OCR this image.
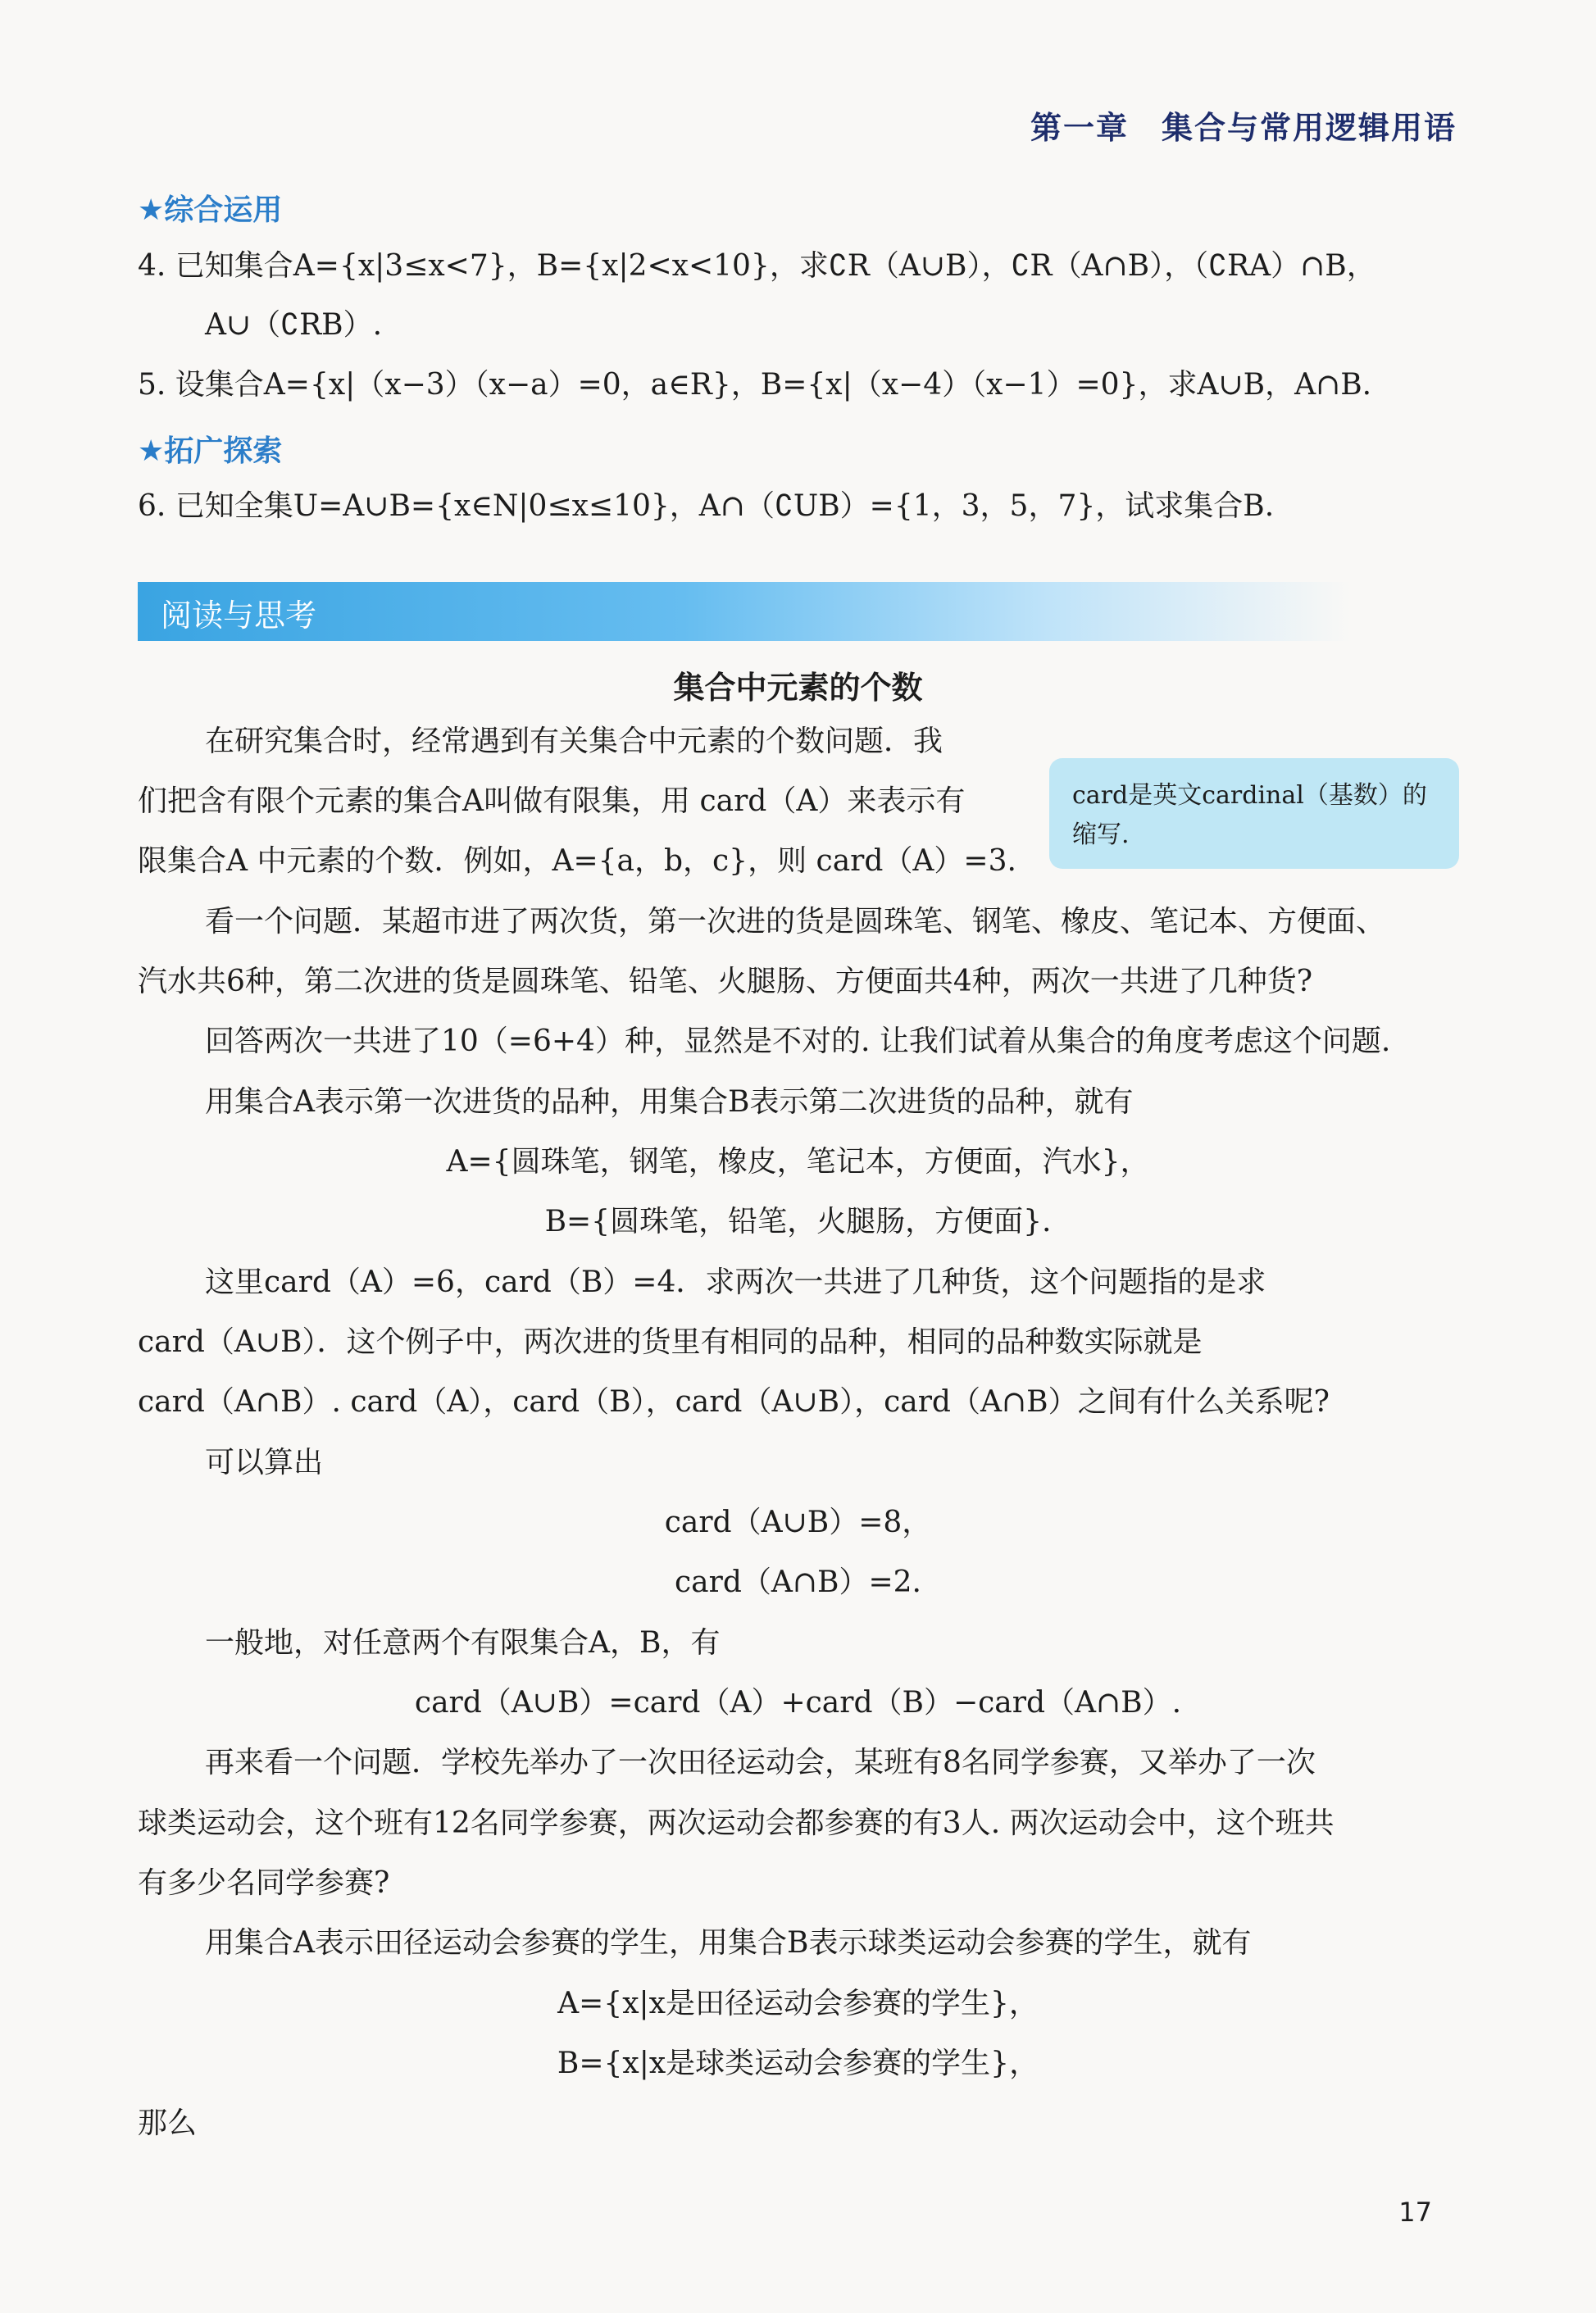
第一章 集合与常用逻辑用语
★综合运用
4. 已知集合A={x|3≤x<7}，B={x|2<x<10}，求∁R（A∪B），∁R（A∩B），（∁RA）∩B，
A∪（∁RB）.
5. 设集合A={x|（x−3）（x−a）=0，a∈R}，B={x|（x−4）（x−1）=0}，求A∪B，A∩B.
★拓广探索
6. 已知全集U=A∪B={x∈N|0≤x≤10}，A∩（∁UB）={1，3，5，7}，试求集合B.
阅读与思考
集合中元素的个数
card是英文cardinal（基数）的缩写.
在研究集合时，经常遇到有关集合中元素的个数问题．我
们把含有限个元素的集合A叫做有限集，用 card（A）来表示有
限集合A 中元素的个数．例如，A={a，b，c}，则 card（A）=3.
看一个问题．某超市进了两次货，第一次进的货是圆珠笔、钢笔、橡皮、笔记本、方便面、
汽水共6种，第二次进的货是圆珠笔、铅笔、火腿肠、方便面共4种，两次一共进了几种货?
回答两次一共进了10（=6+4）种，显然是不对的. 让我们试着从集合的角度考虑这个问题.
用集合A表示第一次进货的品种，用集合B表示第二次进货的品种，就有
A={圆珠笔，钢笔，橡皮，笔记本，方便面，汽水}，
B={圆珠笔，铅笔，火腿肠，方便面}.
这里card（A）=6，card（B）=4．求两次一共进了几种货，这个问题指的是求
card（A∪B）．这个例子中，两次进的货里有相同的品种，相同的品种数实际就是
card（A∩B）. card（A），card（B），card（A∪B），card（A∩B）之间有什么关系呢?
可以算出
card（A∪B）=8，
card（A∩B）=2.
一般地，对任意两个有限集合A，B，有
card（A∪B）=card（A）+card（B）−card（A∩B）.
再来看一个问题．学校先举办了一次田径运动会，某班有8名同学参赛，又举办了一次
球类运动会，这个班有12名同学参赛，两次运动会都参赛的有3人. 两次运动会中，这个班共
有多少名同学参赛?
用集合A表示田径运动会参赛的学生，用集合B表示球类运动会参赛的学生，就有
A={x|x是田径运动会参赛的学生}，
B={x|x是球类运动会参赛的学生}，
那么
17
